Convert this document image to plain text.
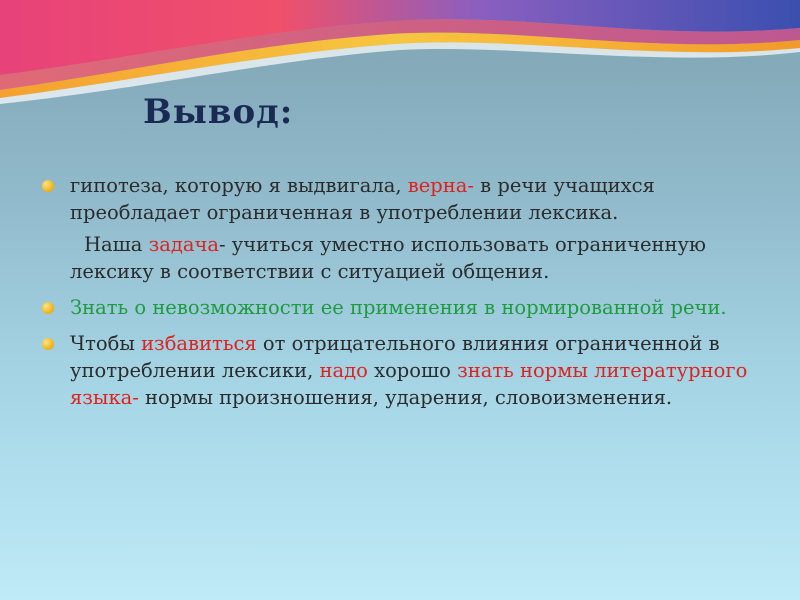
Вывод:
гипотеза, которую я выдвигала, верна- в речи учащихся преобладает ограниченная в употреблении лексика.
Наша задача- учиться уместно использовать ограниченную лексику в соответствии с ситуацией общения.
Знать о невозможности ее применения в нормированной речи.
Чтобы избавиться от отрицательного влияния ограниченной в употреблении лексики, надо хорошо знать нормы литературного языка- нормы произношения, ударения, словоизменения.
